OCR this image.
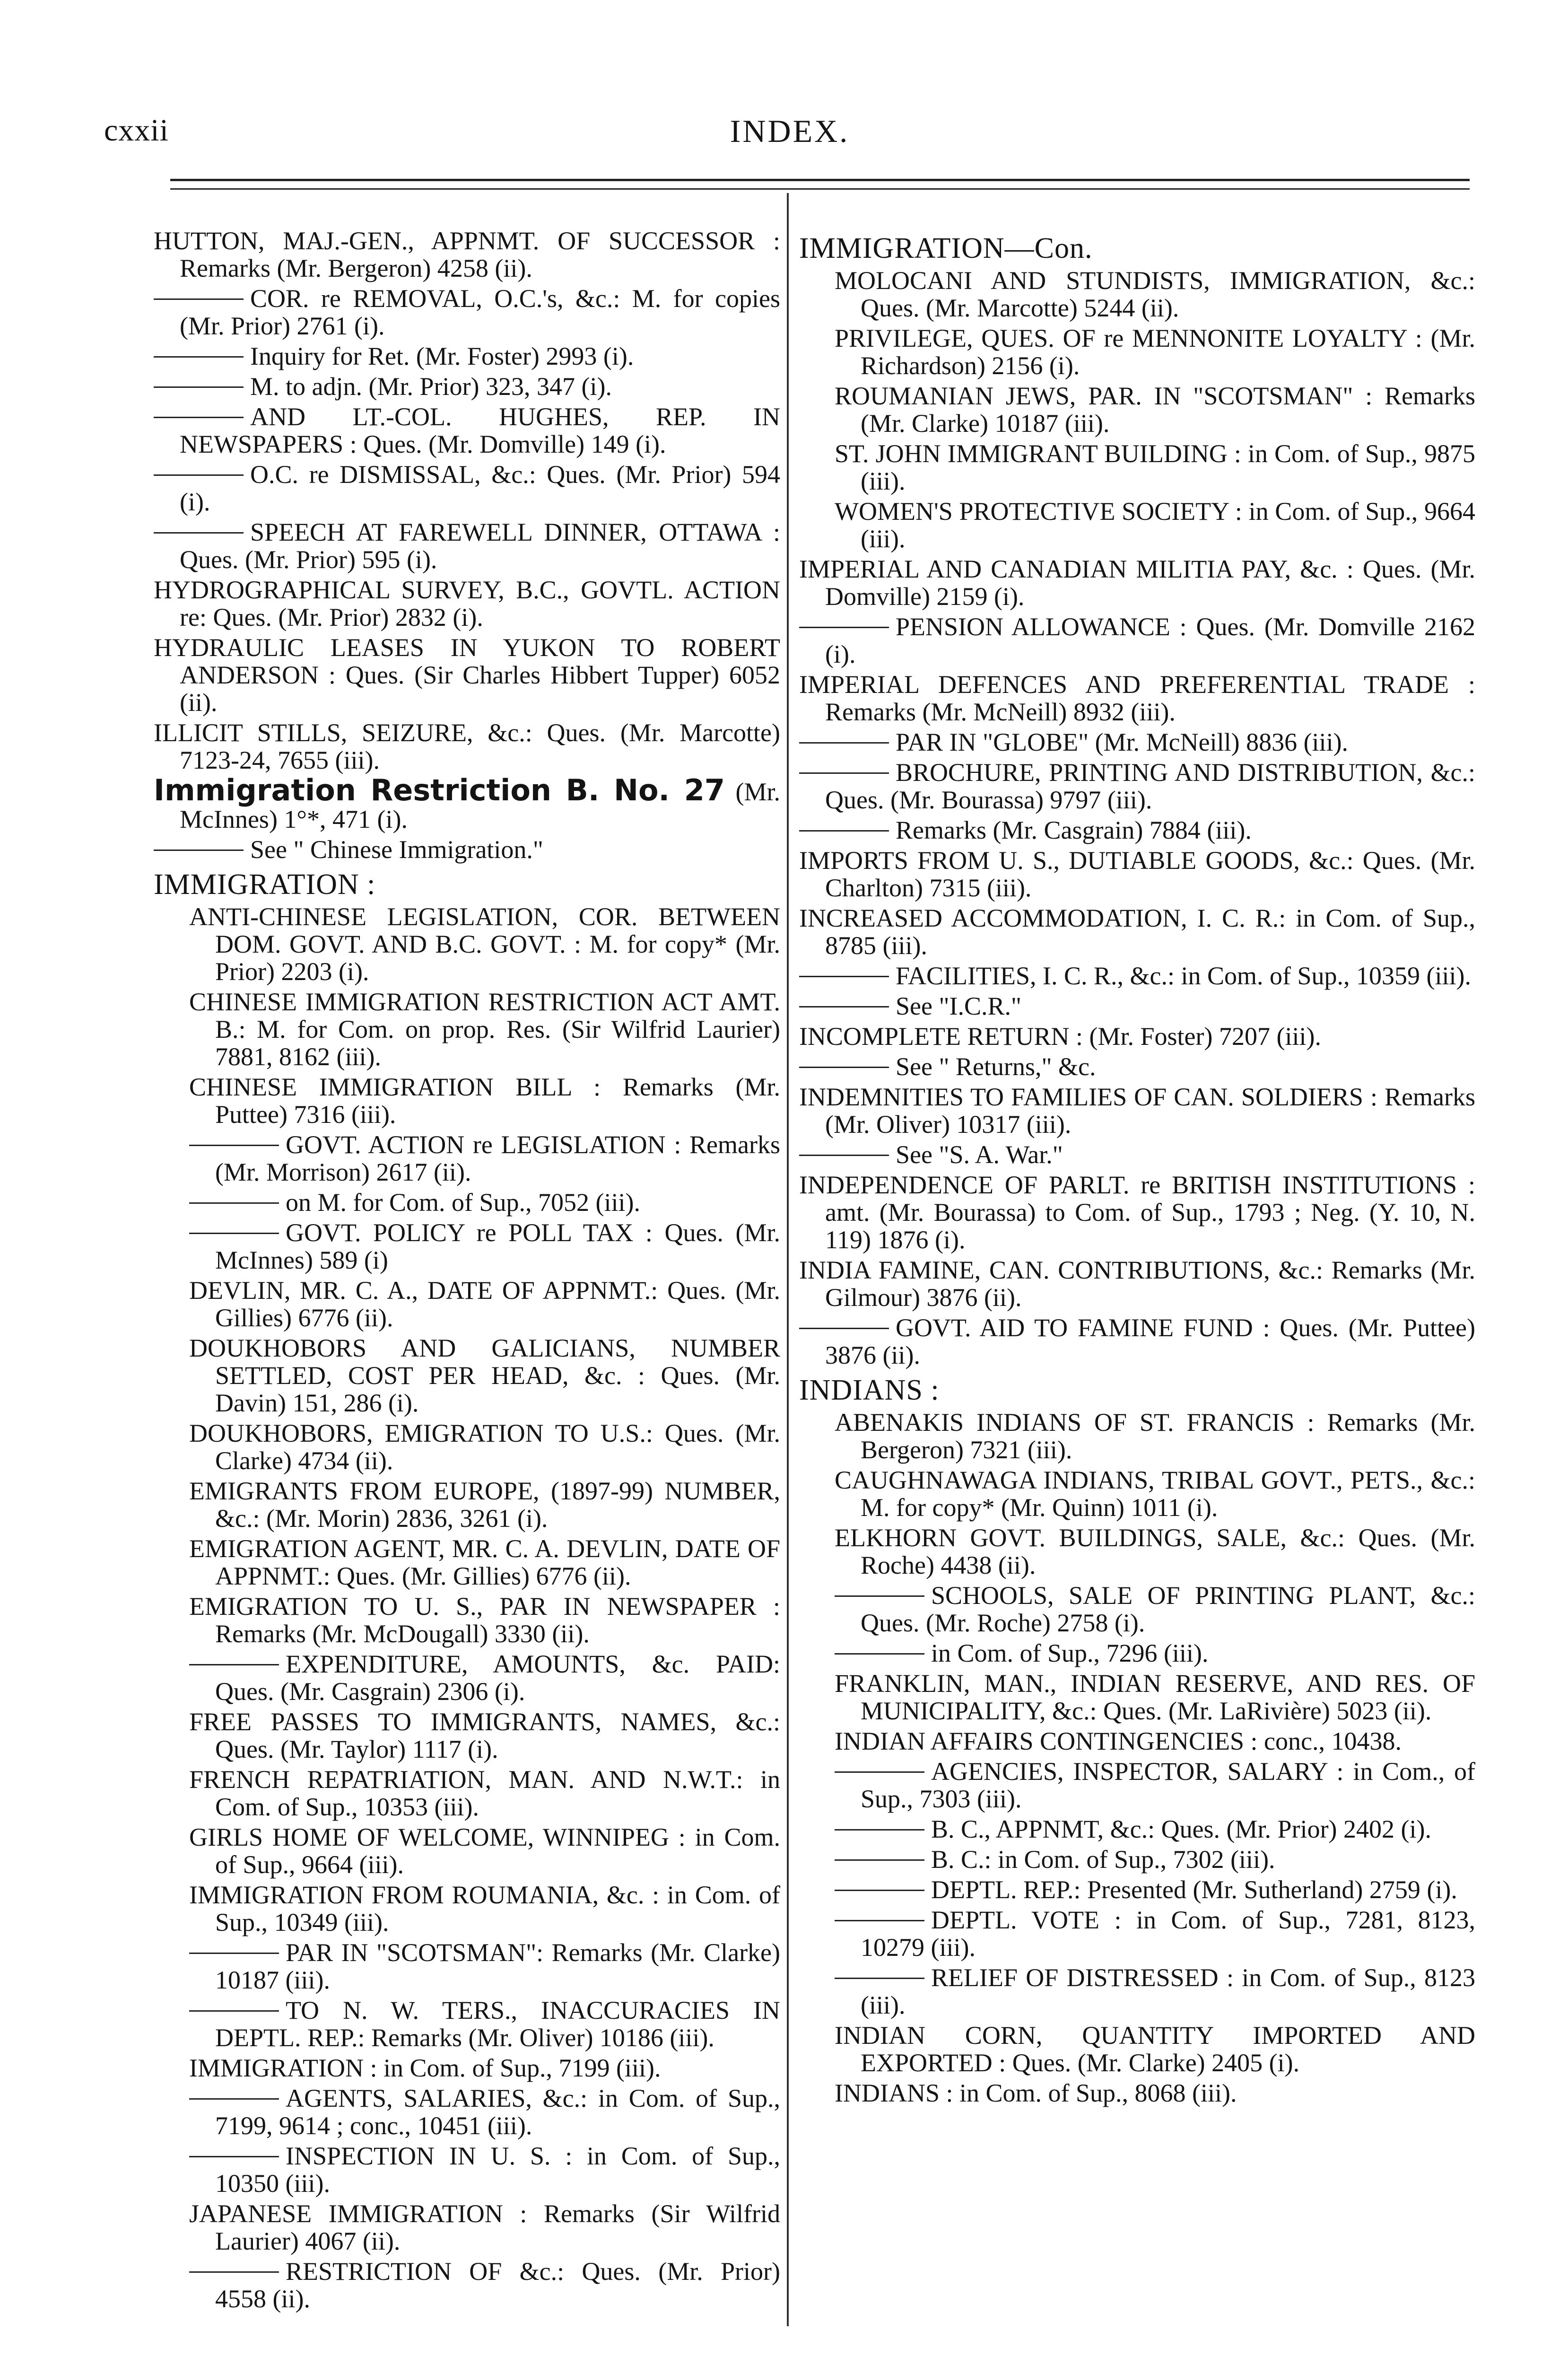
INDEX.
cxxii
HUTTON, MAJ.-GEN., APPNMT. OF SUCCESSOR : Remarks (Mr. Bergeron) 4258 (ii).
COR. re REMOVAL, O.C.'s, &c.: M. for copies (Mr. Prior) 2761 (i).
Inquiry for Ret. (Mr. Foster) 2993 (i).
M. to adjn. (Mr. Prior) 323, 347 (i).
AND LT.-COL. HUGHES, REP. IN NEWSPAPERS : Ques. (Mr. Domville) 149 (i).
O.C. re DISMISSAL, &c.: Ques. (Mr. Prior) 594 (i).
SPEECH AT FAREWELL DINNER, OTTAWA : Ques. (Mr. Prior) 595 (i).
HYDROGRAPHICAL SURVEY, B.C., GOVTL. ACTION re: Ques. (Mr. Prior) 2832 (i).
HYDRAULIC LEASES IN YUKON TO ROBERT ANDERSON : Ques. (Sir Charles Hibbert Tupper) 6052 (ii).
ILLICIT STILLS, SEIZURE, &c.: Ques. (Mr. Marcotte) 7123-24, 7655 (iii).
Immigration Restriction B. No. 27 (Mr. McInnes) 1°*, 471 (i).
See " Chinese Immigration."
IMMIGRATION :
ANTI-CHINESE LEGISLATION, COR. BETWEEN DOM. GOVT. AND B.C. GOVT. : M. for copy* (Mr. Prior) 2203 (i).
CHINESE IMMIGRATION RESTRICTION ACT AMT. B.: M. for Com. on prop. Res. (Sir Wilfrid Laurier) 7881, 8162 (iii).
CHINESE IMMIGRATION BILL : Remarks (Mr. Puttee) 7316 (iii).
GOVT. ACTION re LEGISLATION : Remarks (Mr. Morrison) 2617 (ii).
on M. for Com. of Sup., 7052 (iii).
GOVT. POLICY re POLL TAX : Ques. (Mr. McInnes) 589 (i)
DEVLIN, MR. C. A., DATE OF APPNMT.: Ques. (Mr. Gillies) 6776 (ii).
DOUKHOBORS AND GALICIANS, NUMBER SETTLED, COST PER HEAD, &c. : Ques. (Mr. Davin) 151, 286 (i).
DOUKHOBORS, EMIGRATION TO U.S.: Ques. (Mr. Clarke) 4734 (ii).
EMIGRANTS FROM EUROPE, (1897-99) NUMBER, &c.: (Mr. Morin) 2836, 3261 (i).
EMIGRATION AGENT, MR. C. A. DEVLIN, DATE OF APPNMT.: Ques. (Mr. Gillies) 6776 (ii).
EMIGRATION TO U. S., PAR IN NEWSPAPER : Remarks (Mr. McDougall) 3330 (ii).
EXPENDITURE, AMOUNTS, &c. PAID: Ques. (Mr. Casgrain) 2306 (i).
FREE PASSES TO IMMIGRANTS, NAMES, &c.: Ques. (Mr. Taylor) 1117 (i).
FRENCH REPATRIATION, MAN. AND N.W.T.: in Com. of Sup., 10353 (iii).
GIRLS HOME OF WELCOME, WINNIPEG : in Com. of Sup., 9664 (iii).
IMMIGRATION FROM ROUMANIA, &c. : in Com. of Sup., 10349 (iii).
PAR IN "SCOTSMAN": Remarks (Mr. Clarke) 10187 (iii).
TO N. W. TERS., INACCURACIES IN DEPTL. REP.: Remarks (Mr. Oliver) 10186 (iii).
IMMIGRATION : in Com. of Sup., 7199 (iii).
AGENTS, SALARIES, &c.: in Com. of Sup., 7199, 9614 ; conc., 10451 (iii).
INSPECTION IN U. S. : in Com. of Sup., 10350 (iii).
JAPANESE IMMIGRATION : Remarks (Sir Wilfrid Laurier) 4067 (ii).
RESTRICTION OF &c.: Ques. (Mr. Prior) 4558 (ii).
IMMIGRATION—Con.
MOLOCANI AND STUNDISTS, IMMIGRATION, &c.: Ques. (Mr. Marcotte) 5244 (ii).
PRIVILEGE, QUES. OF re MENNONITE LOYALTY : (Mr. Richardson) 2156 (i).
ROUMANIAN JEWS, PAR. IN "SCOTSMAN" : Remarks (Mr. Clarke) 10187 (iii).
ST. JOHN IMMIGRANT BUILDING : in Com. of Sup., 9875 (iii).
WOMEN'S PROTECTIVE SOCIETY : in Com. of Sup., 9664 (iii).
IMPERIAL AND CANADIAN MILITIA PAY, &c. : Ques. (Mr. Domville) 2159 (i).
PENSION ALLOWANCE : Ques. (Mr. Domville 2162 (i).
IMPERIAL DEFENCES AND PREFERENTIAL TRADE : Remarks (Mr. McNeill) 8932 (iii).
PAR IN "GLOBE" (Mr. McNeill) 8836 (iii).
BROCHURE, PRINTING AND DISTRIBUTION, &c.: Ques. (Mr. Bourassa) 9797 (iii).
Remarks (Mr. Casgrain) 7884 (iii).
IMPORTS FROM U. S., DUTIABLE GOODS, &c.: Ques. (Mr. Charlton) 7315 (iii).
INCREASED ACCOMMODATION, I. C. R.: in Com. of Sup., 8785 (iii).
FACILITIES, I. C. R., &c.: in Com. of Sup., 10359 (iii).
See "I.C.R."
INCOMPLETE RETURN : (Mr. Foster) 7207 (iii).
See " Returns," &c.
INDEMNITIES TO FAMILIES OF CAN. SOLDIERS : Remarks (Mr. Oliver) 10317 (iii).
See "S. A. War."
INDEPENDENCE OF PARLT. re BRITISH INSTITUTIONS : amt. (Mr. Bourassa) to Com. of Sup., 1793 ; Neg. (Y. 10, N. 119) 1876 (i).
INDIA FAMINE, CAN. CONTRIBUTIONS, &c.: Remarks (Mr. Gilmour) 3876 (ii).
GOVT. AID TO FAMINE FUND : Ques. (Mr. Puttee) 3876 (ii).
INDIANS :
ABENAKIS INDIANS OF ST. FRANCIS : Remarks (Mr. Bergeron) 7321 (iii).
CAUGHNAWAGA INDIANS, TRIBAL GOVT., PETS., &c.: M. for copy* (Mr. Quinn) 1011 (i).
ELKHORN GOVT. BUILDINGS, SALE, &c.: Ques. (Mr. Roche) 4438 (ii).
SCHOOLS, SALE OF PRINTING PLANT, &c.: Ques. (Mr. Roche) 2758 (i).
in Com. of Sup., 7296 (iii).
FRANKLIN, MAN., INDIAN RESERVE, AND RES. OF MUNICIPALITY, &c.: Ques. (Mr. LaRivière) 5023 (ii).
INDIAN AFFAIRS CONTINGENCIES : conc., 10438.
AGENCIES, INSPECTOR, SALARY : in Com., of Sup., 7303 (iii).
B. C., APPNMT, &c.: Ques. (Mr. Prior) 2402 (i).
B. C.: in Com. of Sup., 7302 (iii).
DEPTL. REP.: Presented (Mr. Sutherland) 2759 (i).
DEPTL. VOTE : in Com. of Sup., 7281, 8123, 10279 (iii).
RELIEF OF DISTRESSED : in Com. of Sup., 8123 (iii).
INDIAN CORN, QUANTITY IMPORTED AND EXPORTED : Ques. (Mr. Clarke) 2405 (i).
INDIANS : in Com. of Sup., 8068 (iii).
